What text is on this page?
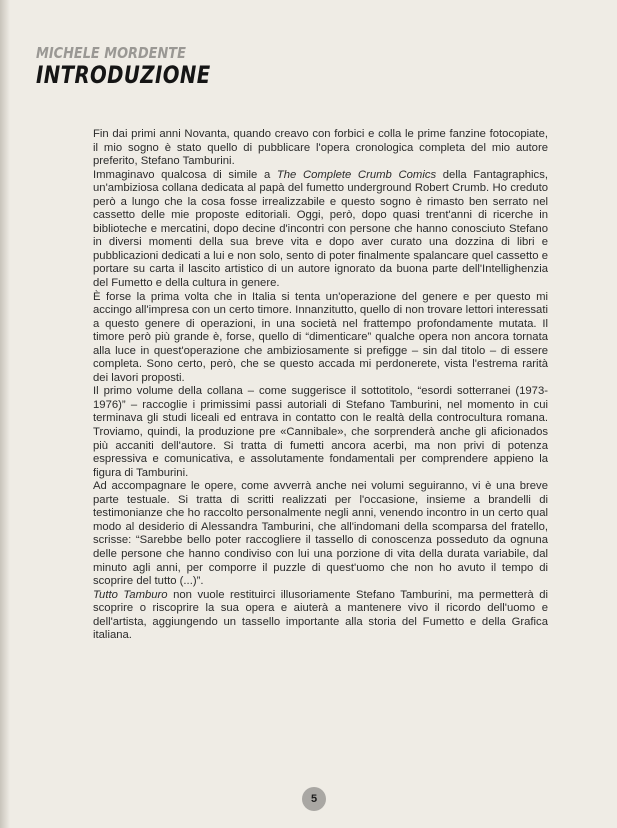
MICHELE MORDENTE
INTRODUZIONE

Fin dai primi anni Novanta, quando creavo con forbici e colla le prime fanzine fotocopiate, il mio sogno è stato quello di pubblicare l'opera cronologica completa del mio autore preferito, Stefano Tamburini.

Immaginavo qualcosa di simile a The Complete Crumb Comics della Fantagraphics, un'ambiziosa collana dedicata al papà del fumetto underground Robert Crumb. Ho creduto però a lungo che la cosa fosse irrealizzabile e questo sogno è rimasto ben serrato nel cassetto delle mie proposte editoriali. Oggi, però, dopo quasi trent'anni di ricerche in biblioteche e mercatini, dopo decine d'incontri con persone che hanno conosciuto Stefano in diversi momenti della sua breve vita e dopo aver curato una dozzina di libri e pubblicazioni dedicati a lui e non solo, sento di poter finalmente spalancare quel cassetto e portare su carta il lascito artistico di un autore ignorato da buona parte dell'Intellighenzia del Fumetto e della cultura in genere.

È forse la prima volta che in Italia si tenta un'operazione del genere e per questo mi accingo all'impresa con un certo timore. Innanzitutto, quello di non trovare lettori interessati a questo genere di operazioni, in una società nel frattempo profondamente mutata. Il timore però più grande è, forse, quello di “dimenticare” qualche opera non ancora tornata alla luce in quest'operazione che ambiziosamente si prefigge – sin dal titolo – di essere completa. Sono certo, però, che se questo accada mi perdonerete, vista l'estrema rarità dei lavori proposti.

Il primo volume della collana – come suggerisce il sottotitolo, “esordi sotterranei (1973-1976)” – raccoglie i primissimi passi autoriali di Stefano Tamburini, nel momento in cui terminava gli studi liceali ed entrava in contatto con le realtà della controcultura romana. Troviamo, quindi, la produzione pre «Cannibale», che sorprenderà anche gli aficionados più accaniti dell'autore. Si tratta di fumetti ancora acerbi, ma non privi di potenza espressiva e comunicativa, e assolutamente fondamentali per comprendere appieno la figura di Tamburini.

Ad accompagnare le opere, come avverrà anche nei volumi seguiranno, vi è una breve parte testuale. Si tratta di scritti realizzati per l'occasione, insieme a brandelli di testimonianze che ho raccolto personalmente negli anni, venendo incontro in un certo qual modo al desiderio di Alessandra Tamburini, che all'indomani della scomparsa del fratello, scrisse: “Sarebbe bello poter raccogliere il tassello di conoscenza posseduto da ognuna delle persone che hanno condiviso con lui una porzione di vita della durata variabile, dal minuto agli anni, per comporre il puzzle di quest'uomo che non ho avuto il tempo di scoprire del tutto (...)”.

Tutto Tamburo non vuole restituirci illusoriamente Stefano Tamburini, ma permetterà di scoprire o riscoprire la sua opera e aiuterà a mantenere vivo il ricordo dell'uomo e dell'artista, aggiungendo un tassello importante alla storia del Fumetto e della Grafica italiana.

5
